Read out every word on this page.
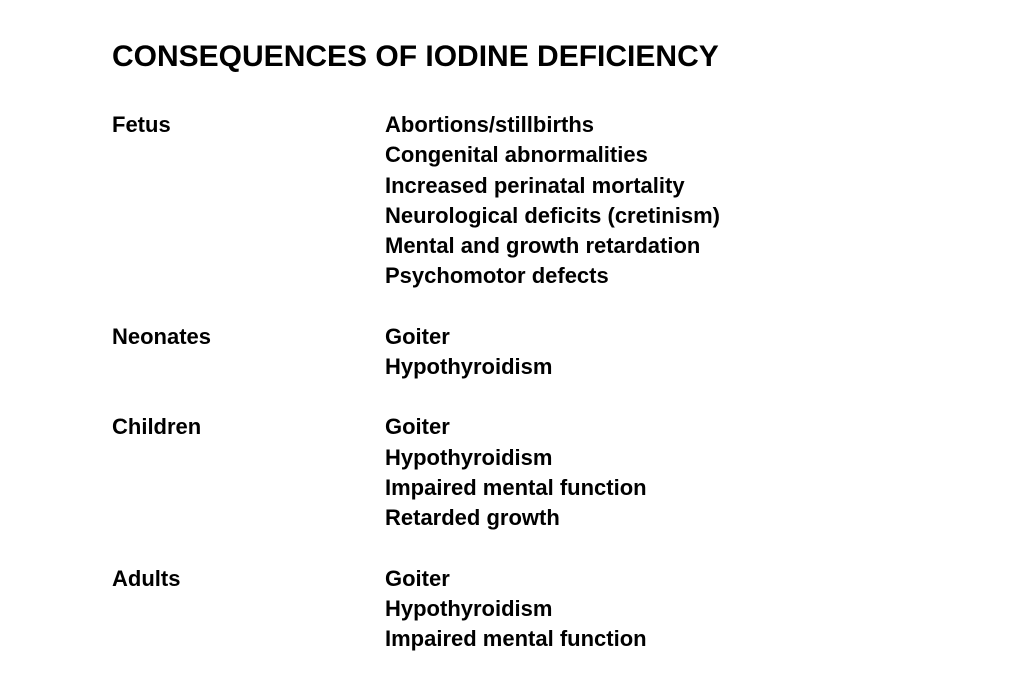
CONSEQUENCES OF IODINE DEFICIENCY
Fetus	Abortions/stillbirths
Congenital abnormalities
Increased perinatal mortality
Neurological deficits (cretinism)
Mental and growth retardation
Psychomotor defects
Neonates	Goiter
Hypothyroidism
Children	Goiter
Hypothyroidism
Impaired mental function
Retarded growth
Adults	Goiter
Hypothyroidism
Impaired mental function
